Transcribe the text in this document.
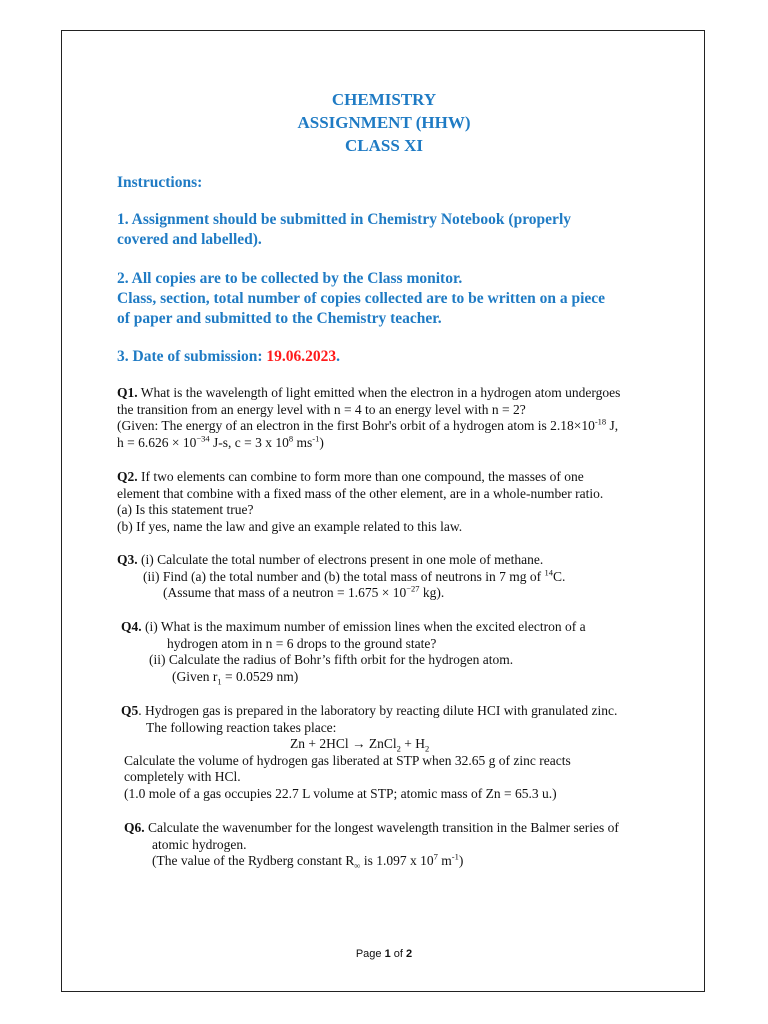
CHEMISTRY
ASSIGNMENT (HHW)
CLASS XI
Instructions:
1. Assignment should be submitted in Chemistry Notebook (properly
covered and labelled).
2. All copies are to be collected by the Class monitor.
Class, section, total number of copies collected are to be written on a piece
of paper and submitted to the Chemistry teacher.
3. Date of submission: 19.06.2023.
Q1. What is the wavelength of light emitted when the electron in a hydrogen atom undergoes
the transition from an energy level with n = 4 to an energy level with n = 2?
(Given: The energy of an electron in the first Bohr's orbit of a hydrogen atom is $2.18\times 10^{-18}$ J,
$h = 6.626 \times 10^{-34}$ J-s, c = 3 x $10^8$ $ms^{-1}$)
Q2. If two elements can combine to form more than one compound, the masses of one
element that combine with a fixed mass of the other element, are in a whole-number ratio.
(a) Is this statement true?
(b) If yes, name the law and give an example related to this law.
Q3. (i) Calculate the total number of electrons present in one mole of methane.
(ii) Find (a) the total number and (b) the total mass of neutrons in 7 mg of $^{14}$C.
(Assume that mass of a neutron = $1.675 \times 10^{-27}$ kg).
Q4. (i) What is the maximum number of emission lines when the excited electron of a
hydrogen atom in n = 6 drops to the ground state?
(ii) Calculate the radius of Bohr’s fifth orbit for the hydrogen atom.
(Given $r_1 = 0.0529$ nm)
Q5. Hydrogen gas is prepared in the laboratory by reacting dilute HCI with granulated zinc.
The following reaction takes place:
Zn + 2HCl → ZnCl$_2$ + $H_2$
Calculate the volume of hydrogen gas liberated at STP when 32.65 g of zinc reacts
completely with HCl.
(1.0 mole of a gas occupies 22.7 L volume at STP; atomic mass of Zn = 65.3 u.)
Q6. Calculate the wavenumber for the longest wavelength transition in the Balmer series of
atomic hydrogen.
(The value of the Rydberg constant $R_\infty$ is 1.097 x $10^7$ $m^{-1}$)
Page 1 of 2
